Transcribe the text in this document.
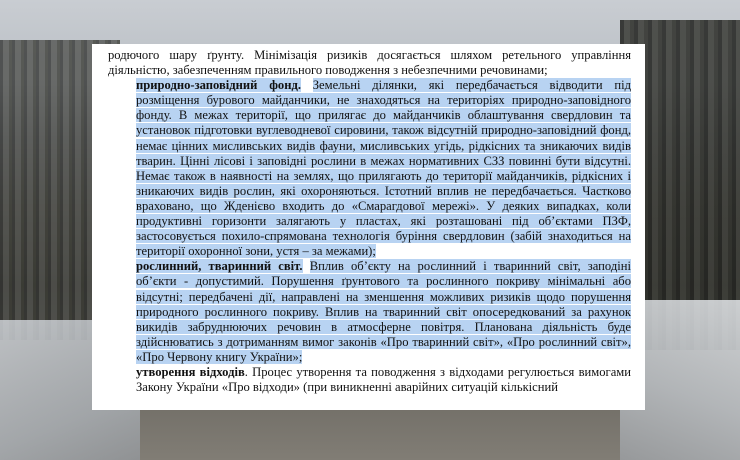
родючого шару ґрунту. Мінімізація ризиків досягається шляхом ретельного управління діяльністю, забезпеченням правильного поводження з небезпечними речовинами;

природно-заповідний фонд. Земельні ділянки, які передбачається відводити під розміщення бурового майданчики, не знаходяться на територіях природно-заповідного фонду. В межах території, що прилягає до майданчиків облаштування свердловин та установок підготовки вуглеводневої сировини, також відсутній природно-заповідний фонд, немає цінних мисливських видів фауни, мисливських угідь, рідкісних та зникаючих видів тварин. Цінні лісові і заповідні рослини в межах нормативних СЗЗ повинні бути відсутні. Немає також в наявності на землях, що прилягають до території майданчиків, рідкісних і зникаючих видів рослин, які охороняються. Істотний вплив не передбачається. Частково враховано, що Жденієво входить до «Смарагдової мережі». У деяких випадках, коли продуктивні горизонти залягають у пластах, які розташовані під об’єктами ПЗФ, застосовується похило-спрямована технологія буріння свердловин (забій знаходиться на території охоронної зони, устя – за межами);

рослинний, тваринний світ. Вплив об’єкту на рослинний і тваринний світ, заподіні об’єкти - допустимий. Порушення ґрунтового та рослинного покриву мінімальні або відсутні; передбачені дії, направлені на зменшення можливих ризиків щодо порушення природного рослинного покриву. Вплив на тваринний світ опосередкований за рахунок викидів забруднюючих речовин в атмосферне повітря. Планована діяльність буде здійснюватись з дотриманням вимог законів «Про тваринний світ», «Про рослинний світ», «Про Червону книгу України»;

утворення відходів. Процес утворення та поводження з відходами регулюється вимогами Закону України «Про відходи» (при виникненні аварійних ситуацій кількісний
